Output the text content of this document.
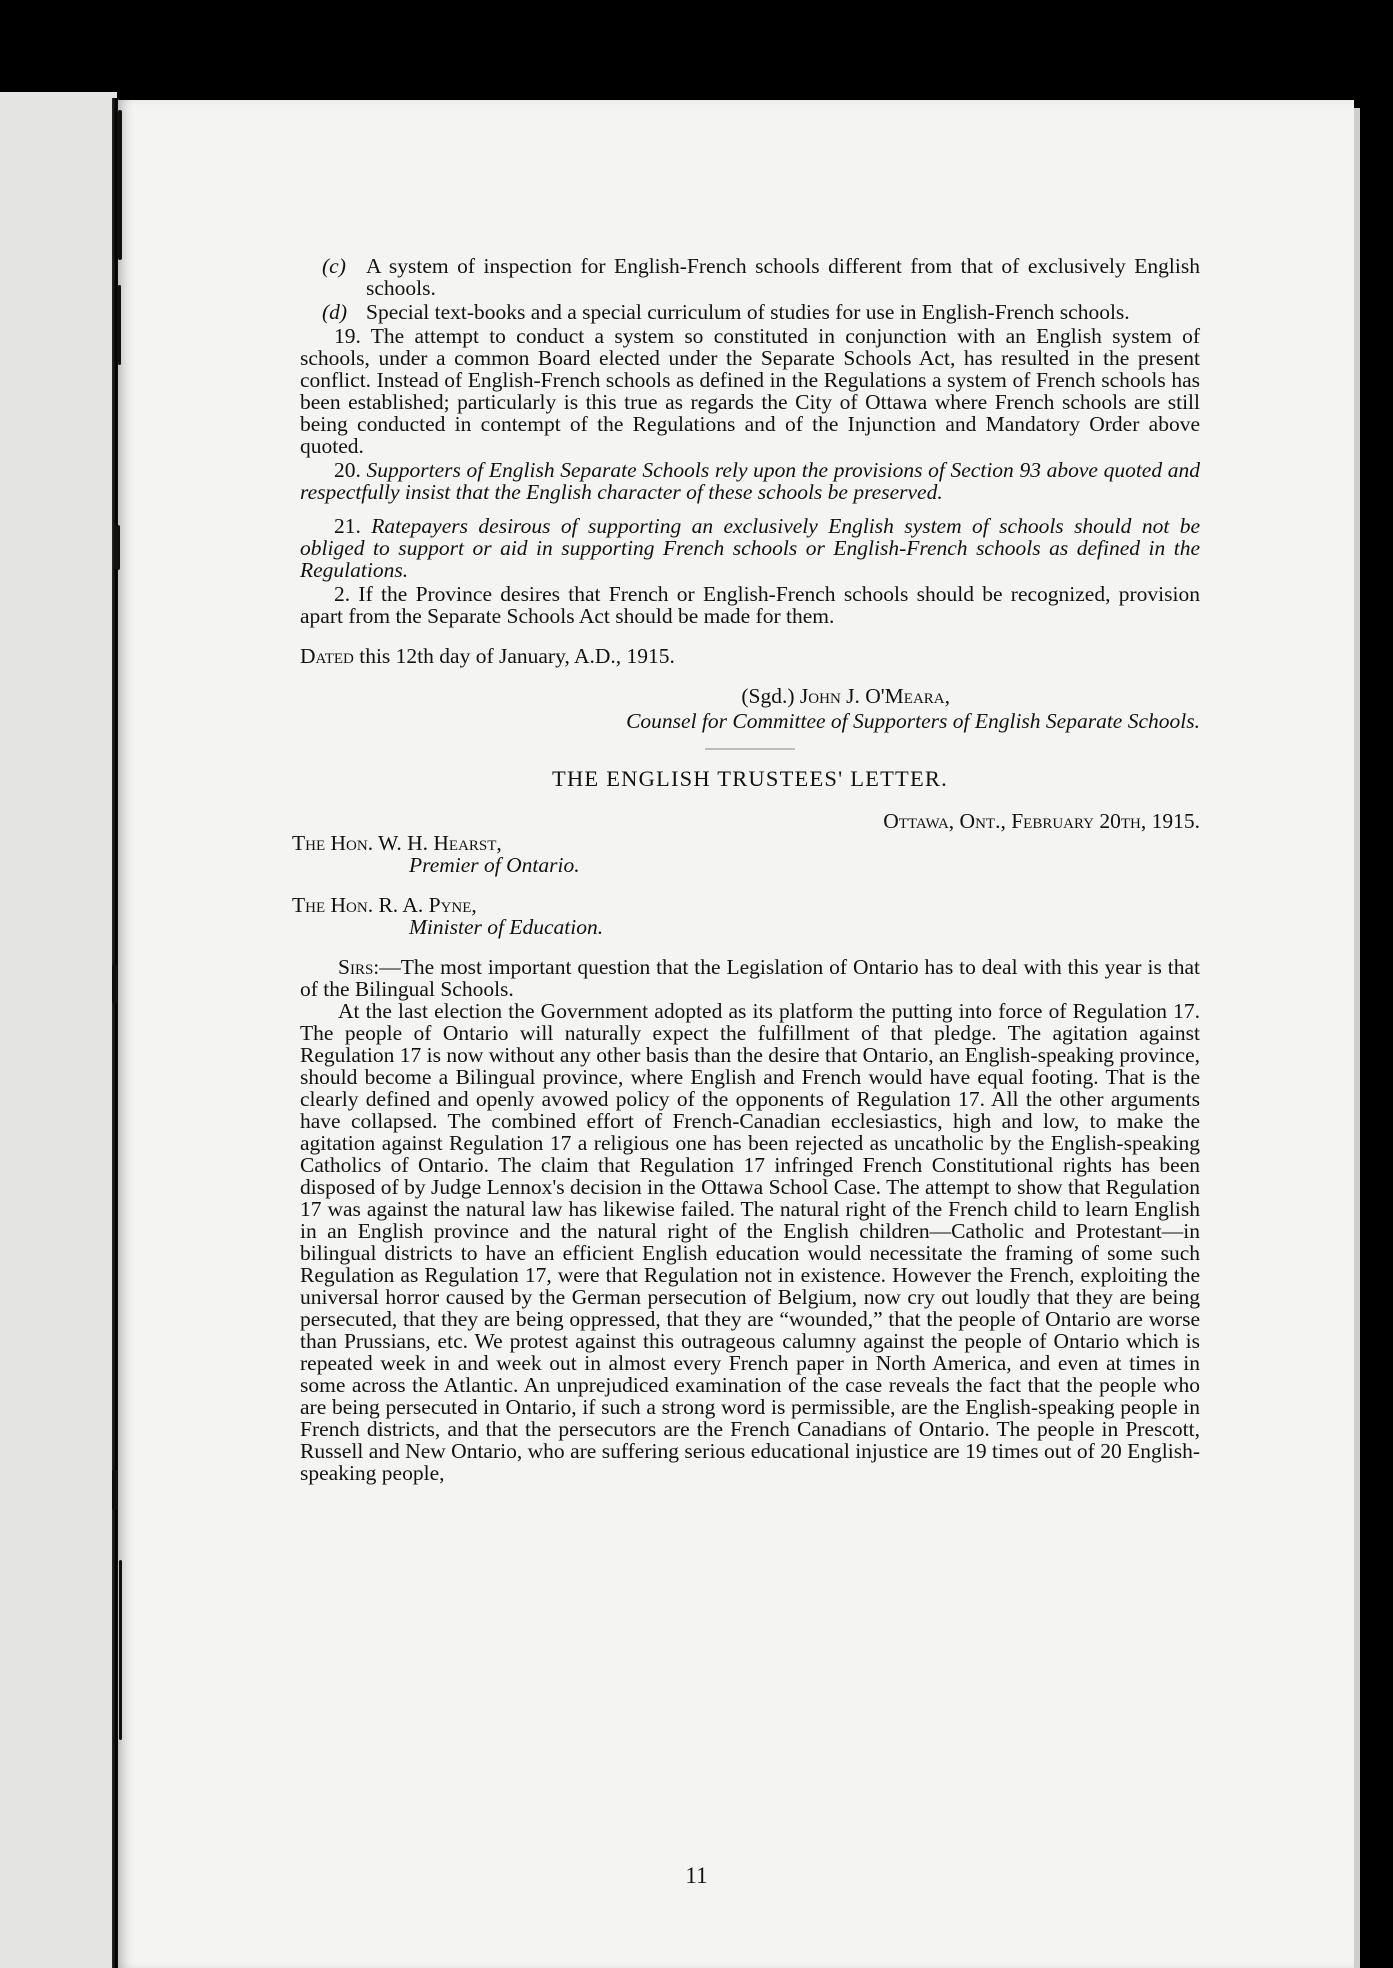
(c) A system of inspection for English-French schools different from that of exclusively English schools.
(d) Special text-books and a special curriculum of studies for use in English-French schools.

19. The attempt to conduct a system so constituted in conjunction with an English system of schools, under a common Board elected under the Separate Schools Act, has resulted in the present conflict. Instead of English-French schools as defined in the Regulations a system of French schools has been established; particularly is this true as regards the City of Ottawa where French schools are still being conducted in contempt of the Regulations and of the Injunction and Mandatory Order above quoted.

20. Supporters of English Separate Schools rely upon the provisions of Section 93 above quoted and respectfully insist that the English character of these schools be preserved.

21. Ratepayers desirous of supporting an exclusively English system of schools should not be obliged to support or aid in supporting French schools or English-French schools as defined in the Regulations.

2. If the Province desires that French or English-French schools should be recognized, provision apart from the Separate Schools Act should be made for them.

Dated this 12th day of January, A.D., 1915.

(Sgd.) John J. O'Meara,

Counsel for Committee of Supporters of English Separate Schools.

THE ENGLISH TRUSTEES' LETTER.

Ottawa, Ont., February 20th, 1915.

The Hon. W. H. Hearst,

Premier of Ontario.

The Hon. R. A. Pyne,

Minister of Education.

Sirs:—The most important question that the Legislation of Ontario has to deal with this year is that of the Bilingual Schools.

At the last election the Government adopted as its platform the putting into force of Regulation 17. The people of Ontario will naturally expect the fulfillment of that pledge. The agitation against Regulation 17 is now without any other basis than the desire that Ontario, an English-speaking province, should become a Bilingual province, where English and French would have equal footing. That is the clearly defined and openly avowed policy of the opponents of Regulation 17. All the other arguments have collapsed. The combined effort of French-Canadian ecclesiastics, high and low, to make the agitation against Regulation 17 a religious one has been rejected as uncatholic by the English-speaking Catholics of Ontario. The claim that Regulation 17 infringed French Constitutional rights has been disposed of by Judge Lennox's decision in the Ottawa School Case. The attempt to show that Regulation 17 was against the natural law has likewise failed. The natural right of the French child to learn English in an English province and the natural right of the English children—Catholic and Protestant—in bilingual districts to have an efficient English education would necessitate the framing of some such Regulation as Regulation 17, were that Regulation not in existence. However the French, exploiting the universal horror caused by the German persecution of Belgium, now cry out loudly that they are being persecuted, that they are being oppressed, that they are “wounded,” that the people of Ontario are worse than Prussians, etc. We protest against this outrageous calumny against the people of Ontario which is repeated week in and week out in almost every French paper in North America, and even at times in some across the Atlantic. An unprejudiced examination of the case reveals the fact that the people who are being persecuted in Ontario, if such a strong word is permissible, are the English-speaking people in French districts, and that the persecutors are the French Canadians of Ontario. The people in Prescott, Russell and New Ontario, who are suffering serious educational injustice are 19 times out of 20 English-speaking people,

11
